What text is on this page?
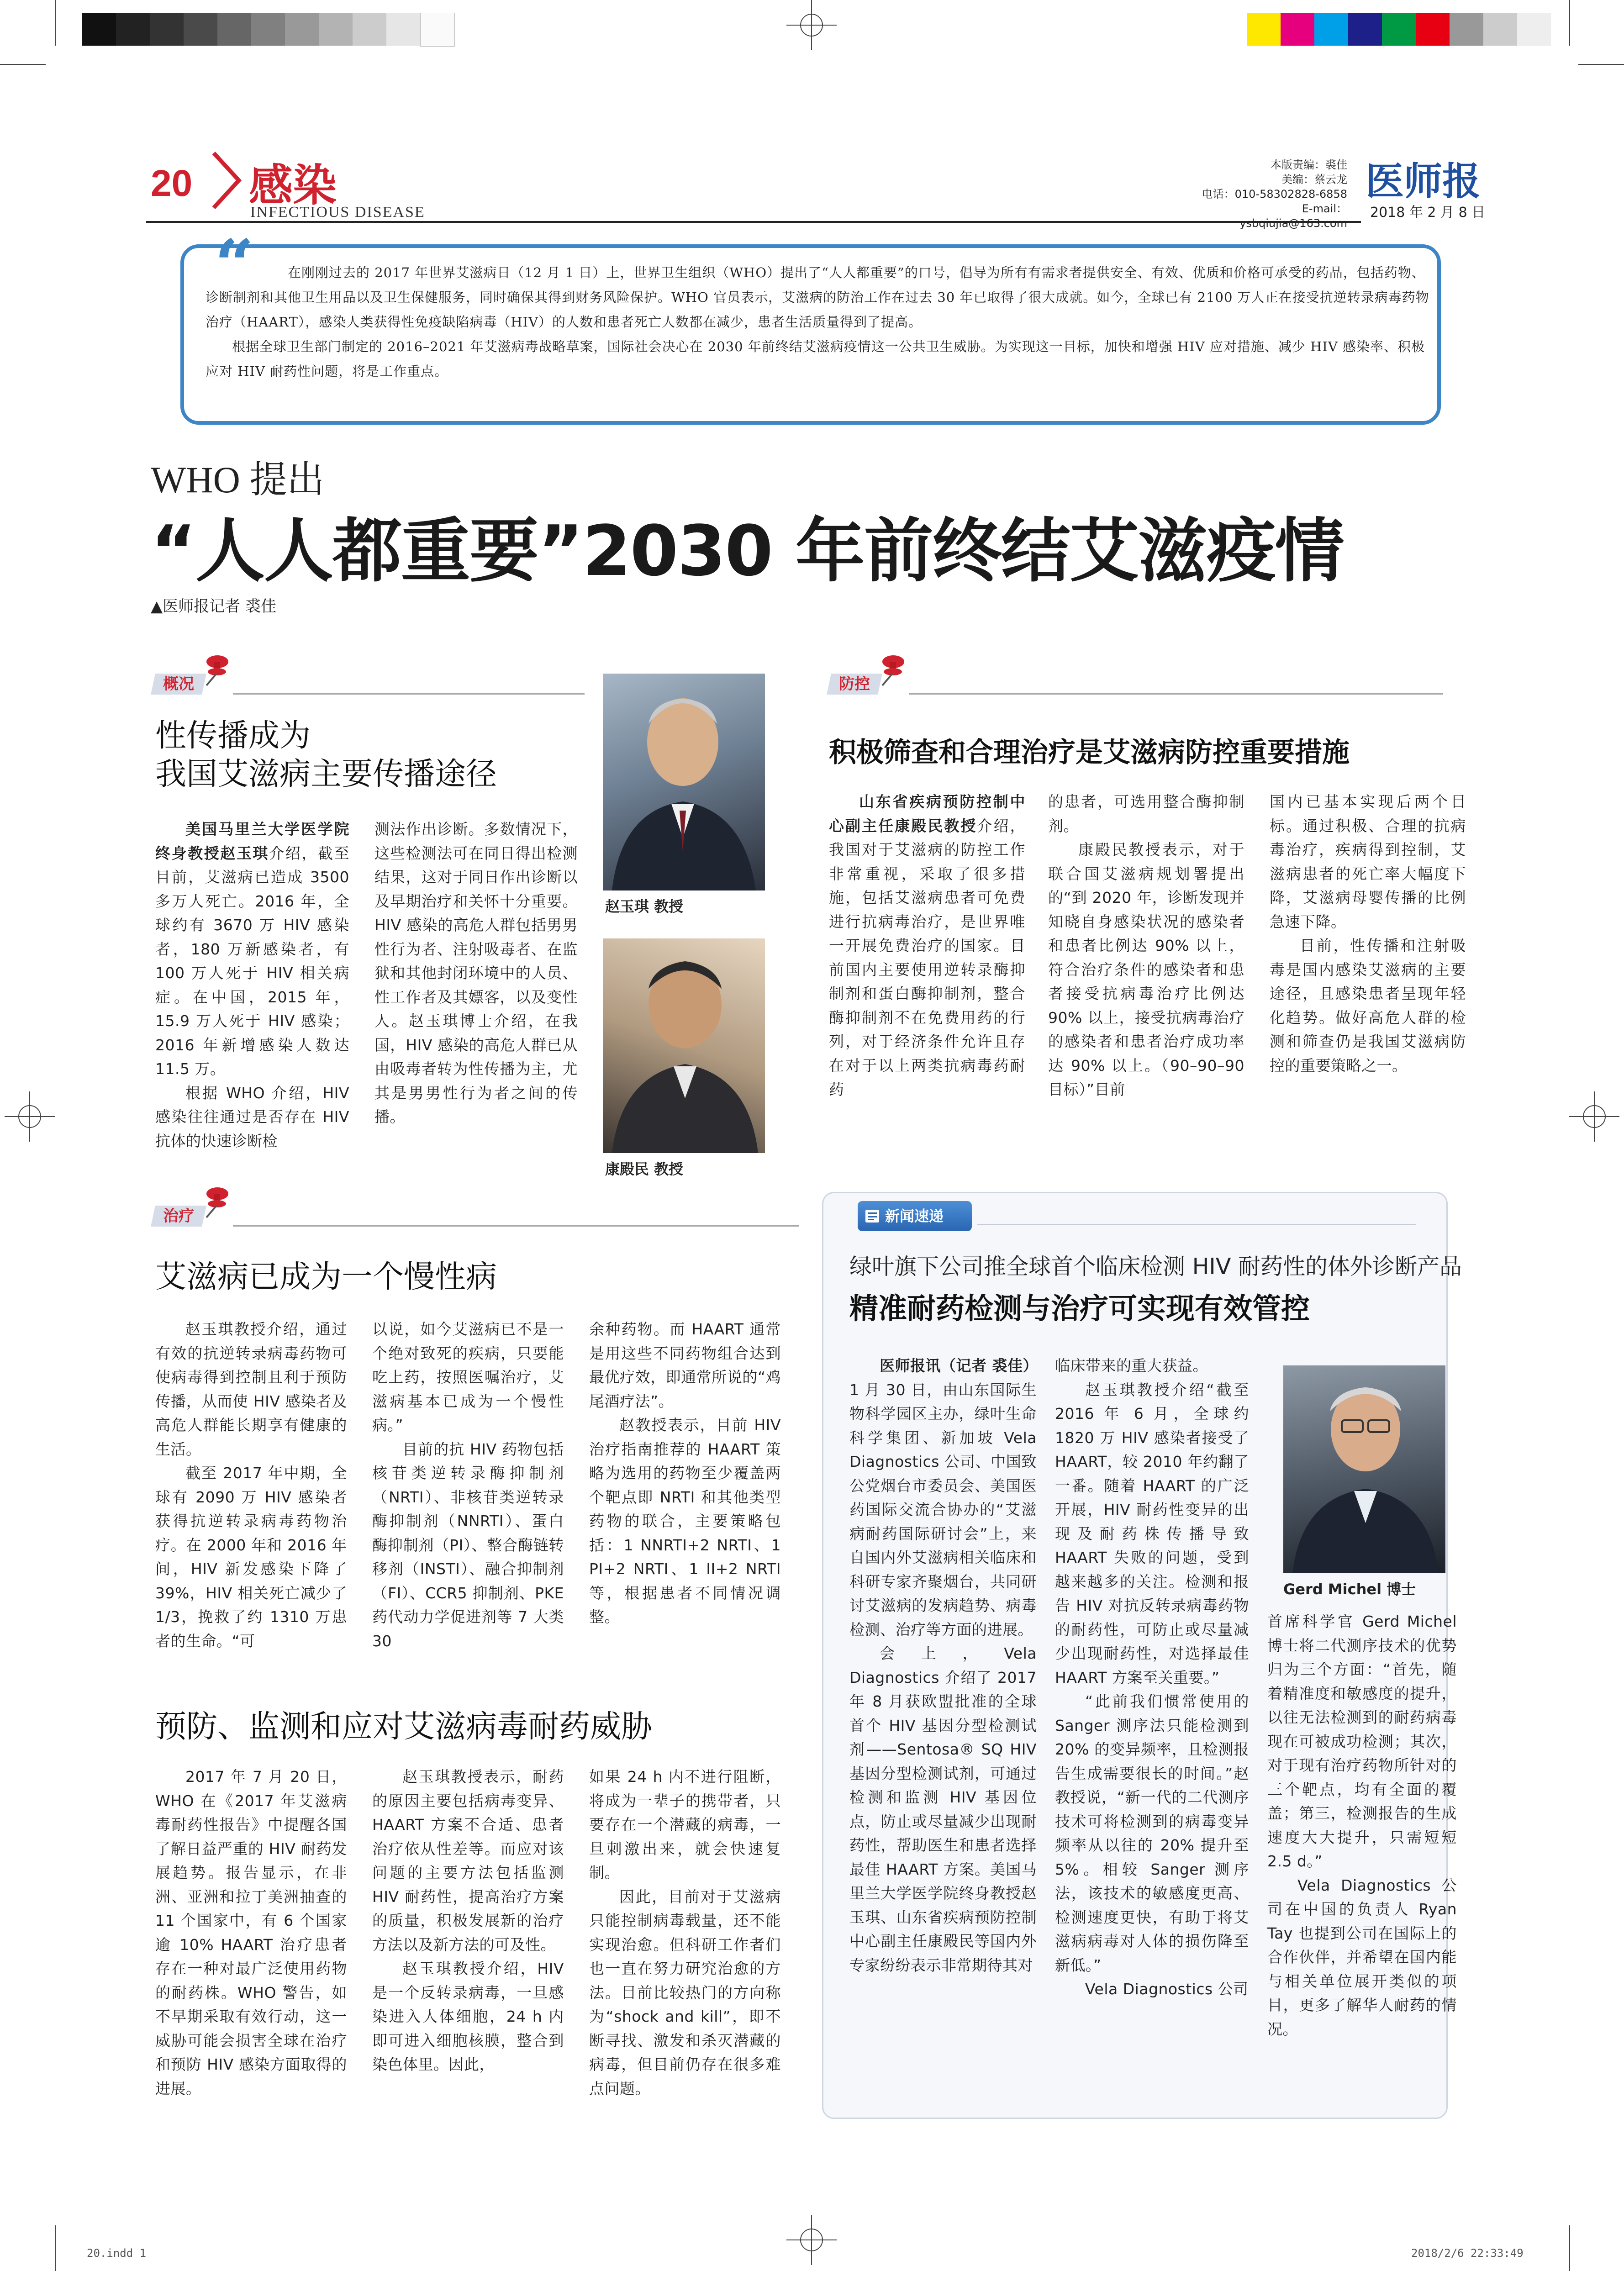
20 感染
INFECTIOUS DISEASE
本版责编：裘佳
美编：蔡云龙
电话：010-58302828-6858
E-mail：ysbqiujia@163.com
医师报
2018 年 2 月 8 日
“	在刚刚过去的 2017 年世界艾滋病日（12 月 1 日）上，世界卫生组织（WHO）提出了“人人都重要”的口号，倡导为所有有需求者提供安全、有效、优质和价格可承受的药品，包括药物、诊断制剂和其他卫生用品以及卫生保健服务，同时确保其得到财务风险保护。WHO 官员表示，艾滋病的防治工作在过去 30 年已取得了很大成就。如今，全球已有 2100 万人正在接受抗逆转录病毒药物治疗（HAART），感染人类获得性免疫缺陷病毒（HIV）的人数和患者死亡人数都在减少，患者生活质量得到了提高。

根据全球卫生部门制定的 2016–2021 年艾滋病毒战略草案，国际社会决心在 2030 年前终结艾滋病疫情这一公共卫生威胁。为实现这一目标，加快和增强 HIV 应对措施、减少 HIV 感染率、积极应对 HIV 耐药性问题，将是工作重点。

WHO 提出
“人人都重要”2030 年前终结艾滋疫情
▲医师报记者 裘佳
概况
性传播成为
我国艾滋病主要传播途径

美国马里兰大学医学院终身教授赵玉琪介绍，截至目前，艾滋病已造成 3500 多万人死亡。2016 年，全球约有 3670 万 HIV 感染者，180 万新感染者，有 100 万人死于 HIV 相关病症。在中国，2015 年，15.9 万人死于 HIV 感染；2016 年新增感染人数达 11.5 万。

根据 WHO 介绍，HIV 感染往往通过是否存在 HIV 抗体的快速诊断检

测法作出诊断。多数情况下，这些检测法可在同日得出检测结果，这对于同日作出诊断以及早期治疗和关怀十分重要。HIV 感染的高危人群包括男男性行为者、注射吸毒者、在监狱和其他封闭环境中的人员、性工作者及其嫖客，以及变性人。赵玉琪博士介绍，在我国，HIV 感染的高危人群已从由吸毒者转为性传播为主，尤其是男男性行为者之间的传播。

赵玉琪 教授
康殿民 教授
防控
积极筛查和合理治疗是艾滋病防控重要措施

山东省疾病预防控制中心副主任康殿民教授介绍，我国对于艾滋病的防控工作非常重视，采取了很多措施，包括艾滋病患者可免费进行抗病毒治疗，是世界唯一开展免费治疗的国家。目前国内主要使用逆转录酶抑制剂和蛋白酶抑制剂，整合酶抑制剂不在免费用药的行列，对于经济条件允许且存在对于以上两类抗病毒药耐药

的患者，可选用整合酶抑制剂。

康殿民教授表示，对于联合国艾滋病规划署提出的“到 2020 年，诊断发现并知晓自身感染状况的感染者和患者比例达 90% 以上，符合治疗条件的感染者和患者接受抗病毒治疗比例达 90% 以上，接受抗病毒治疗的感染者和患者治疗成功率达 90% 以上。（90–90–90 目标）”目前

国内已基本实现后两个目标。通过积极、合理的抗病毒治疗，疾病得到控制，艾滋病患者的死亡率大幅度下降，艾滋病母婴传播的比例急速下降。

目前，性传播和注射吸毒是国内感染艾滋病的主要途径，且感染患者呈现年轻化趋势。做好高危人群的检测和筛查仍是我国艾滋病防控的重要策略之一。

治疗
艾滋病已成为一个慢性病

赵玉琪教授介绍，通过有效的抗逆转录病毒药物可使病毒得到控制且利于预防传播，从而使 HIV 感染者及高危人群能长期享有健康的生活。

截至 2017 年中期，全球有 2090 万 HIV 感染者获得抗逆转录病毒药物治疗。在 2000 年和 2016 年间，HIV 新发感染下降了 39%，HIV 相关死亡减少了 1/3，挽救了约 1310 万患者的生命。“可

以说，如今艾滋病已不是一个绝对致死的疾病，只要能吃上药，按照医嘱治疗，艾滋病基本已成为一个慢性病。”

目前的抗 HIV 药物包括核苷类逆转录酶抑制剂（NRTI）、非核苷类逆转录酶抑制剂（NNRTI）、蛋白酶抑制剂（PI）、整合酶链转移剂（INSTI）、融合抑制剂（FI）、CCR5 抑制剂、PKE 药代动力学促进剂等 7 大类 30

余种药物。而 HAART 通常是用这些不同药物组合达到最优疗效，即通常所说的“鸡尾酒疗法”。

赵教授表示，目前 HIV 治疗指南推荐的 HAART 策略为选用的药物至少覆盖两个靶点即 NRTI 和其他类型药物的联合，主要策略包括：1 NNRTI+2 NRTI、1 PI+2 NRTI、1 II+2 NRTI 等，根据患者不同情况调整。

预防、监测和应对艾滋病毒耐药威胁

2017 年 7 月 20 日，WHO 在《2017 年艾滋病毒耐药性报告》中提醒各国了解日益严重的 HIV 耐药发展趋势。报告显示，在非洲、亚洲和拉丁美洲抽查的 11 个国家中，有 6 个国家逾 10% HAART 治疗患者存在一种对最广泛使用药物的耐药株。WHO 警告，如不早期采取有效行动，这一威胁可能会损害全球在治疗和预防 HIV 感染方面取得的进展。

赵玉琪教授表示，耐药的原因主要包括病毒变异、HAART 方案不合适、患者治疗依从性差等。而应对该问题的主要方法包括监测 HIV 耐药性，提高治疗方案的质量，积极发展新的治疗方法以及新方法的可及性。

赵玉琪教授介绍，HIV 是一个反转录病毒，一旦感染进入人体细胞，24 h 内即可进入细胞核膜，整合到染色体里。因此，

如果 24 h 内不进行阻断，将成为一辈子的携带者，只要存在一个潜藏的病毒，一旦刺激出来，就会快速复制。

因此，目前对于艾滋病只能控制病毒载量，还不能实现治愈。但科研工作者们也一直在努力研究治愈的方法。目前比较热门的方向称为“shock and kill”，即不断寻找、激发和杀灭潜藏的病毒，但目前仍存在很多难点问题。

新闻速递
绿叶旗下公司推全球首个临床检测 HIV 耐药性的体外诊断产品
精准耐药检测与治疗可实现有效管控

医师报讯（记者 裘佳）1 月 30 日，由山东国际生物科学园区主办，绿叶生命科学集团、新加坡 Vela Diagnostics 公司、中国致公党烟台市委员会、美国医药国际交流合协办的“艾滋病耐药国际研讨会”上，来自国内外艾滋病相关临床和科研专家齐聚烟台，共同研讨艾滋病的发病趋势、病毒检测、治疗等方面的进展。

会上，Vela Diagnostics 介绍了 2017 年 8 月获欧盟批准的全球首个 HIV 基因分型检测试剂——Sentosa® SQ HIV 基因分型检测试剂，可通过检测和监测 HIV 基因位点，防止或尽量减少出现耐药性，帮助医生和患者选择最佳 HAART 方案。美国马里兰大学医学院终身教授赵玉琪、山东省疾病预防控制中心副主任康殿民等国内外专家纷纷表示非常期待其对

临床带来的重大获益。

赵玉琪教授介绍“截至 2016 年 6 月，全球约 1820 万 HIV 感染者接受了 HAART，较 2010 年约翻了一番。随着 HAART 的广泛开展，HIV 耐药性变异的出现及耐药株传播导致 HAART 失败的问题，受到越来越多的关注。检测和报告 HIV 对抗反转录病毒药物的耐药性，可防止或尽量减少出现耐药性，对选择最佳 HAART 方案至关重要。”

“此前我们惯常使用的 Sanger 测序法只能检测到 20% 的变异频率，且检测报告生成需要很长的时间。”赵教授说，“新一代的二代测序技术可将检测到的病毒变异频率从以往的 20% 提升至 5%。相较 Sanger 测序法，该技术的敏感度更高、检测速度更快，有助于将艾滋病病毒对人体的损伤降至新低。”

Vela Diagnostics 公司

Gerd Michel 博士

首席科学官 Gerd Michel 博士将二代测序技术的优势归为三个方面：“首先，随着精准度和敏感度的提升，以往无法检测到的耐药病毒现在可被成功检测；其次，对于现有治疗药物所针对的三个靶点，均有全面的覆盖；第三，检测报告的生成速度大大提升，只需短短 2.5 d。”

Vela Diagnostics 公司在中国的负责人 Ryan Tay 也提到公司在国际上的合作伙伴，并希望在国内能与相关单位展开类似的项目，更多了解华人耐药的情况。

20.indd 1	2018/2/6 22:33:49
